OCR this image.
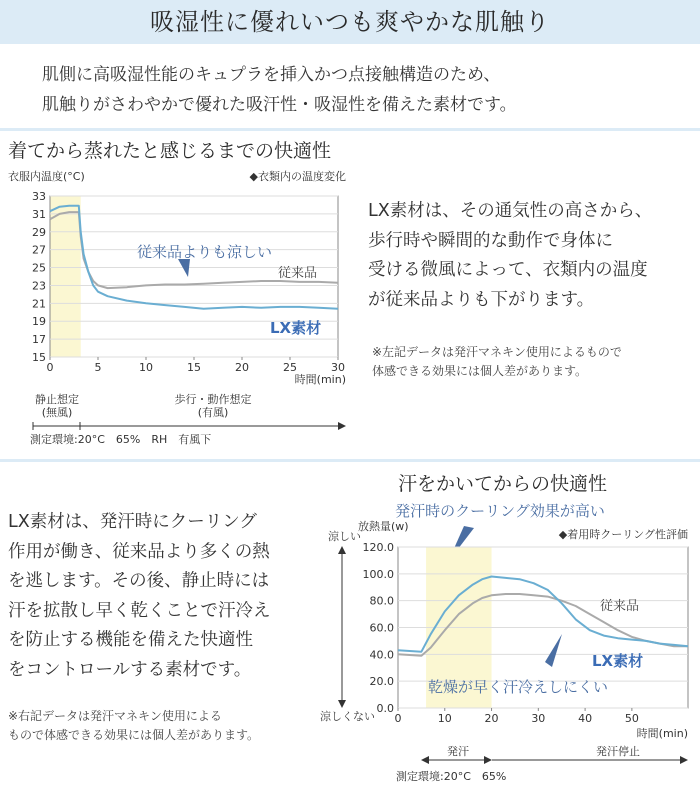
吸湿性に優れいつも爽やかな肌触り
肌側に高吸湿性能のキュプラを挿入かつ点接触構造のため、
肌触りがさわやかで優れた吸汗性・吸湿性を備えた素材です。
着てから蒸れたと感じるまでの快適性
衣服内温度(°C)	◆衣類内の温度変化
33
31
29
27
25
23
21
19
17
15
0	5	10	15	20	25	30
時間(min)
従来品よりも涼しい
従来品
LX素材
静止想定
(無風)
歩行・動作想定
(有風)
測定環境:20°C　65%　RH　有風下
LX素材は、その通気性の高さから、
歩行時や瞬間的な動作で身体に
受ける微風によって、衣類内の温度
が従来品よりも下がります。
※左記データは発汗マネキン使用によるもので
体感できる効果には個人差があります。
汗をかいてからの快適性
LX素材は、発汗時にクーリング
作用が働き、従来品より多くの熱
を逃します。その後、静止時には
汗を拡散し早く乾くことで汗冷え
を防止する機能を備えた快適性
をコントロールする素材です。
※右記データは発汗マネキン使用による
もので体感できる効果には個人差があります。
発汗時のクーリング効果が高い
放熱量(w)
◆着用時クーリング性評価
涼しい
涼しくない
120.0
100.0
80.0
60.0
40.0
20.0
0.0
0	10	20	30	40	50
時間(min)
従来品
LX素材
乾燥が早く汗冷えしにくい
発汗	発汗停止
測定環境:20°C　65%
